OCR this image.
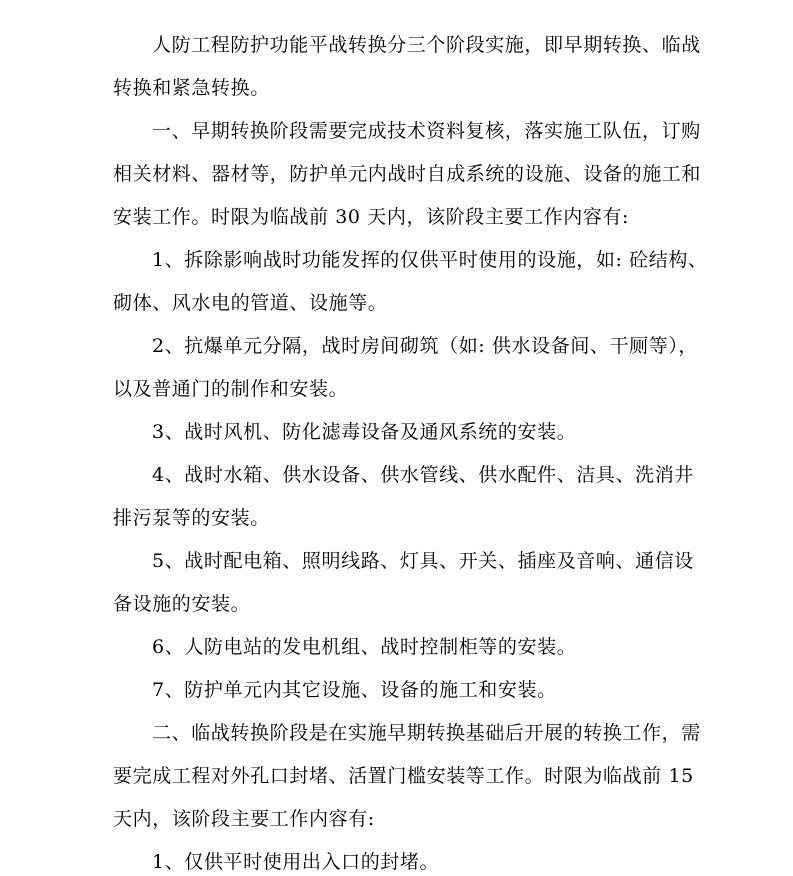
人防工程防护功能平战转换分三个阶段实施，即早期转换、临战
转换和紧急转换。
一、早期转换阶段需要完成技术资料复核，落实施工队伍，订购
相关材料、器材等，防护单元内战时自成系统的设施、设备的施工和
安装工作。时限为临战前 30 天内，该阶段主要工作内容有:
1、拆除影响战时功能发挥的仅供平时使用的设施，如: 砼结构、
砌体、风水电的管道、设施等。
2、抗爆单元分隔，战时房间砌筑（如: 供水设备间、干厕等），
以及普通门的制作和安装。
3、战时风机、防化滤毒设备及通风系统的安装。
4、战时水箱、供水设备、供水管线、供水配件、洁具、洗消井
排污泵等的安装。
5、战时配电箱、照明线路、灯具、开关、插座及音响、通信设
备设施的安装。
6、人防电站的发电机组、战时控制柜等的安装。
7、防护单元内其它设施、设备的施工和安装。
二、临战转换阶段是在实施早期转换基础后开展的转换工作，需
要完成工程对外孔口封堵、活置门槛安装等工作。时限为临战前 15
天内，该阶段主要工作内容有:
1、仅供平时使用出入口的封堵。
